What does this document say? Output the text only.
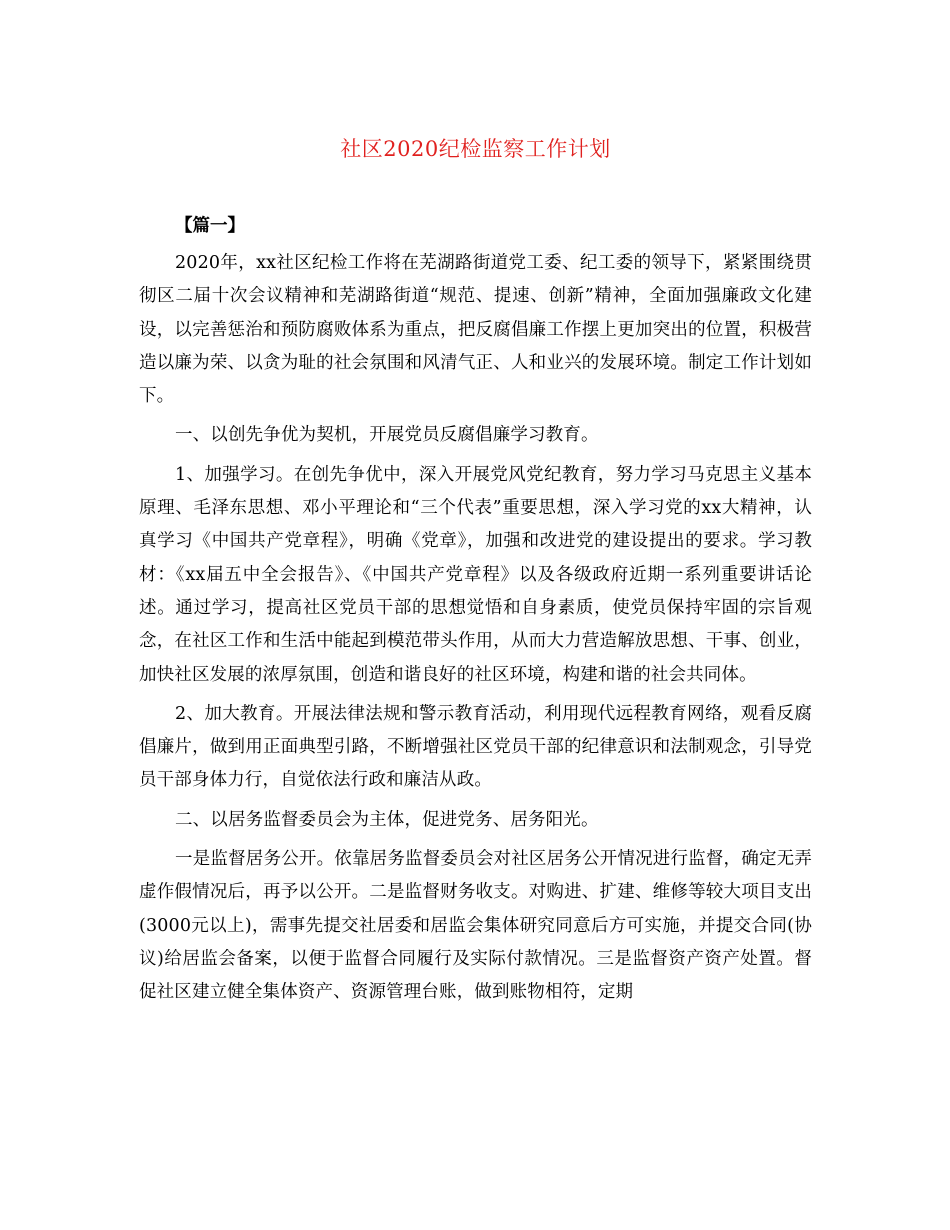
社区2020纪检监察工作计划
【篇一】

2020年，xx社区纪检工作将在芜湖路街道党工委、纪工委的领导下，紧紧围绕贯彻区二届十次会议精神和芜湖路街道“规范、提速、创新”精神，全面加强廉政文化建设，以完善惩治和预防腐败体系为重点，把反腐倡廉工作摆上更加突出的位置，积极营造以廉为荣、以贪为耻的社会氛围和风清气正、人和业兴的发展环境。制定工作计划如下。

一、以创先争优为契机，开展党员反腐倡廉学习教育。

1、加强学习。在创先争优中，深入开展党风党纪教育，努力学习马克思主义基本原理、毛泽东思想、邓小平理论和“三个代表”重要思想，深入学习党的xx大精神，认真学习《中国共产党章程》，明确《党章》，加强和改进党的建设提出的要求。学习教材：《xx届五中全会报告》、《中国共产党章程》以及各级政府近期一系列重要讲话论述。通过学习，提高社区党员干部的思想觉悟和自身素质，使党员保持牢固的宗旨观念，在社区工作和生活中能起到模范带头作用，从而大力营造解放思想、干事、创业，加快社区发展的浓厚氛围，创造和谐良好的社区环境，构建和谐的社会共同体。

2、加大教育。开展法律法规和警示教育活动，利用现代远程教育网络，观看反腐倡廉片，做到用正面典型引路，不断增强社区党员干部的纪律意识和法制观念，引导党员干部身体力行，自觉依法行政和廉洁从政。

二、以居务监督委员会为主体，促进党务、居务阳光。

一是监督居务公开。依靠居务监督委员会对社区居务公开情况进行监督，确定无弄虚作假情况后，再予以公开。二是监督财务收支。对购进、扩建、维修等较大项目支出(3000元以上)，需事先提交社居委和居监会集体研究同意后方可实施，并提交合同(协议)给居监会备案，以便于监督合同履行及实际付款情况。三是监督资产资产处置。督促社区建立健全集体资产、资源管理台账，做到账物相符，定期
